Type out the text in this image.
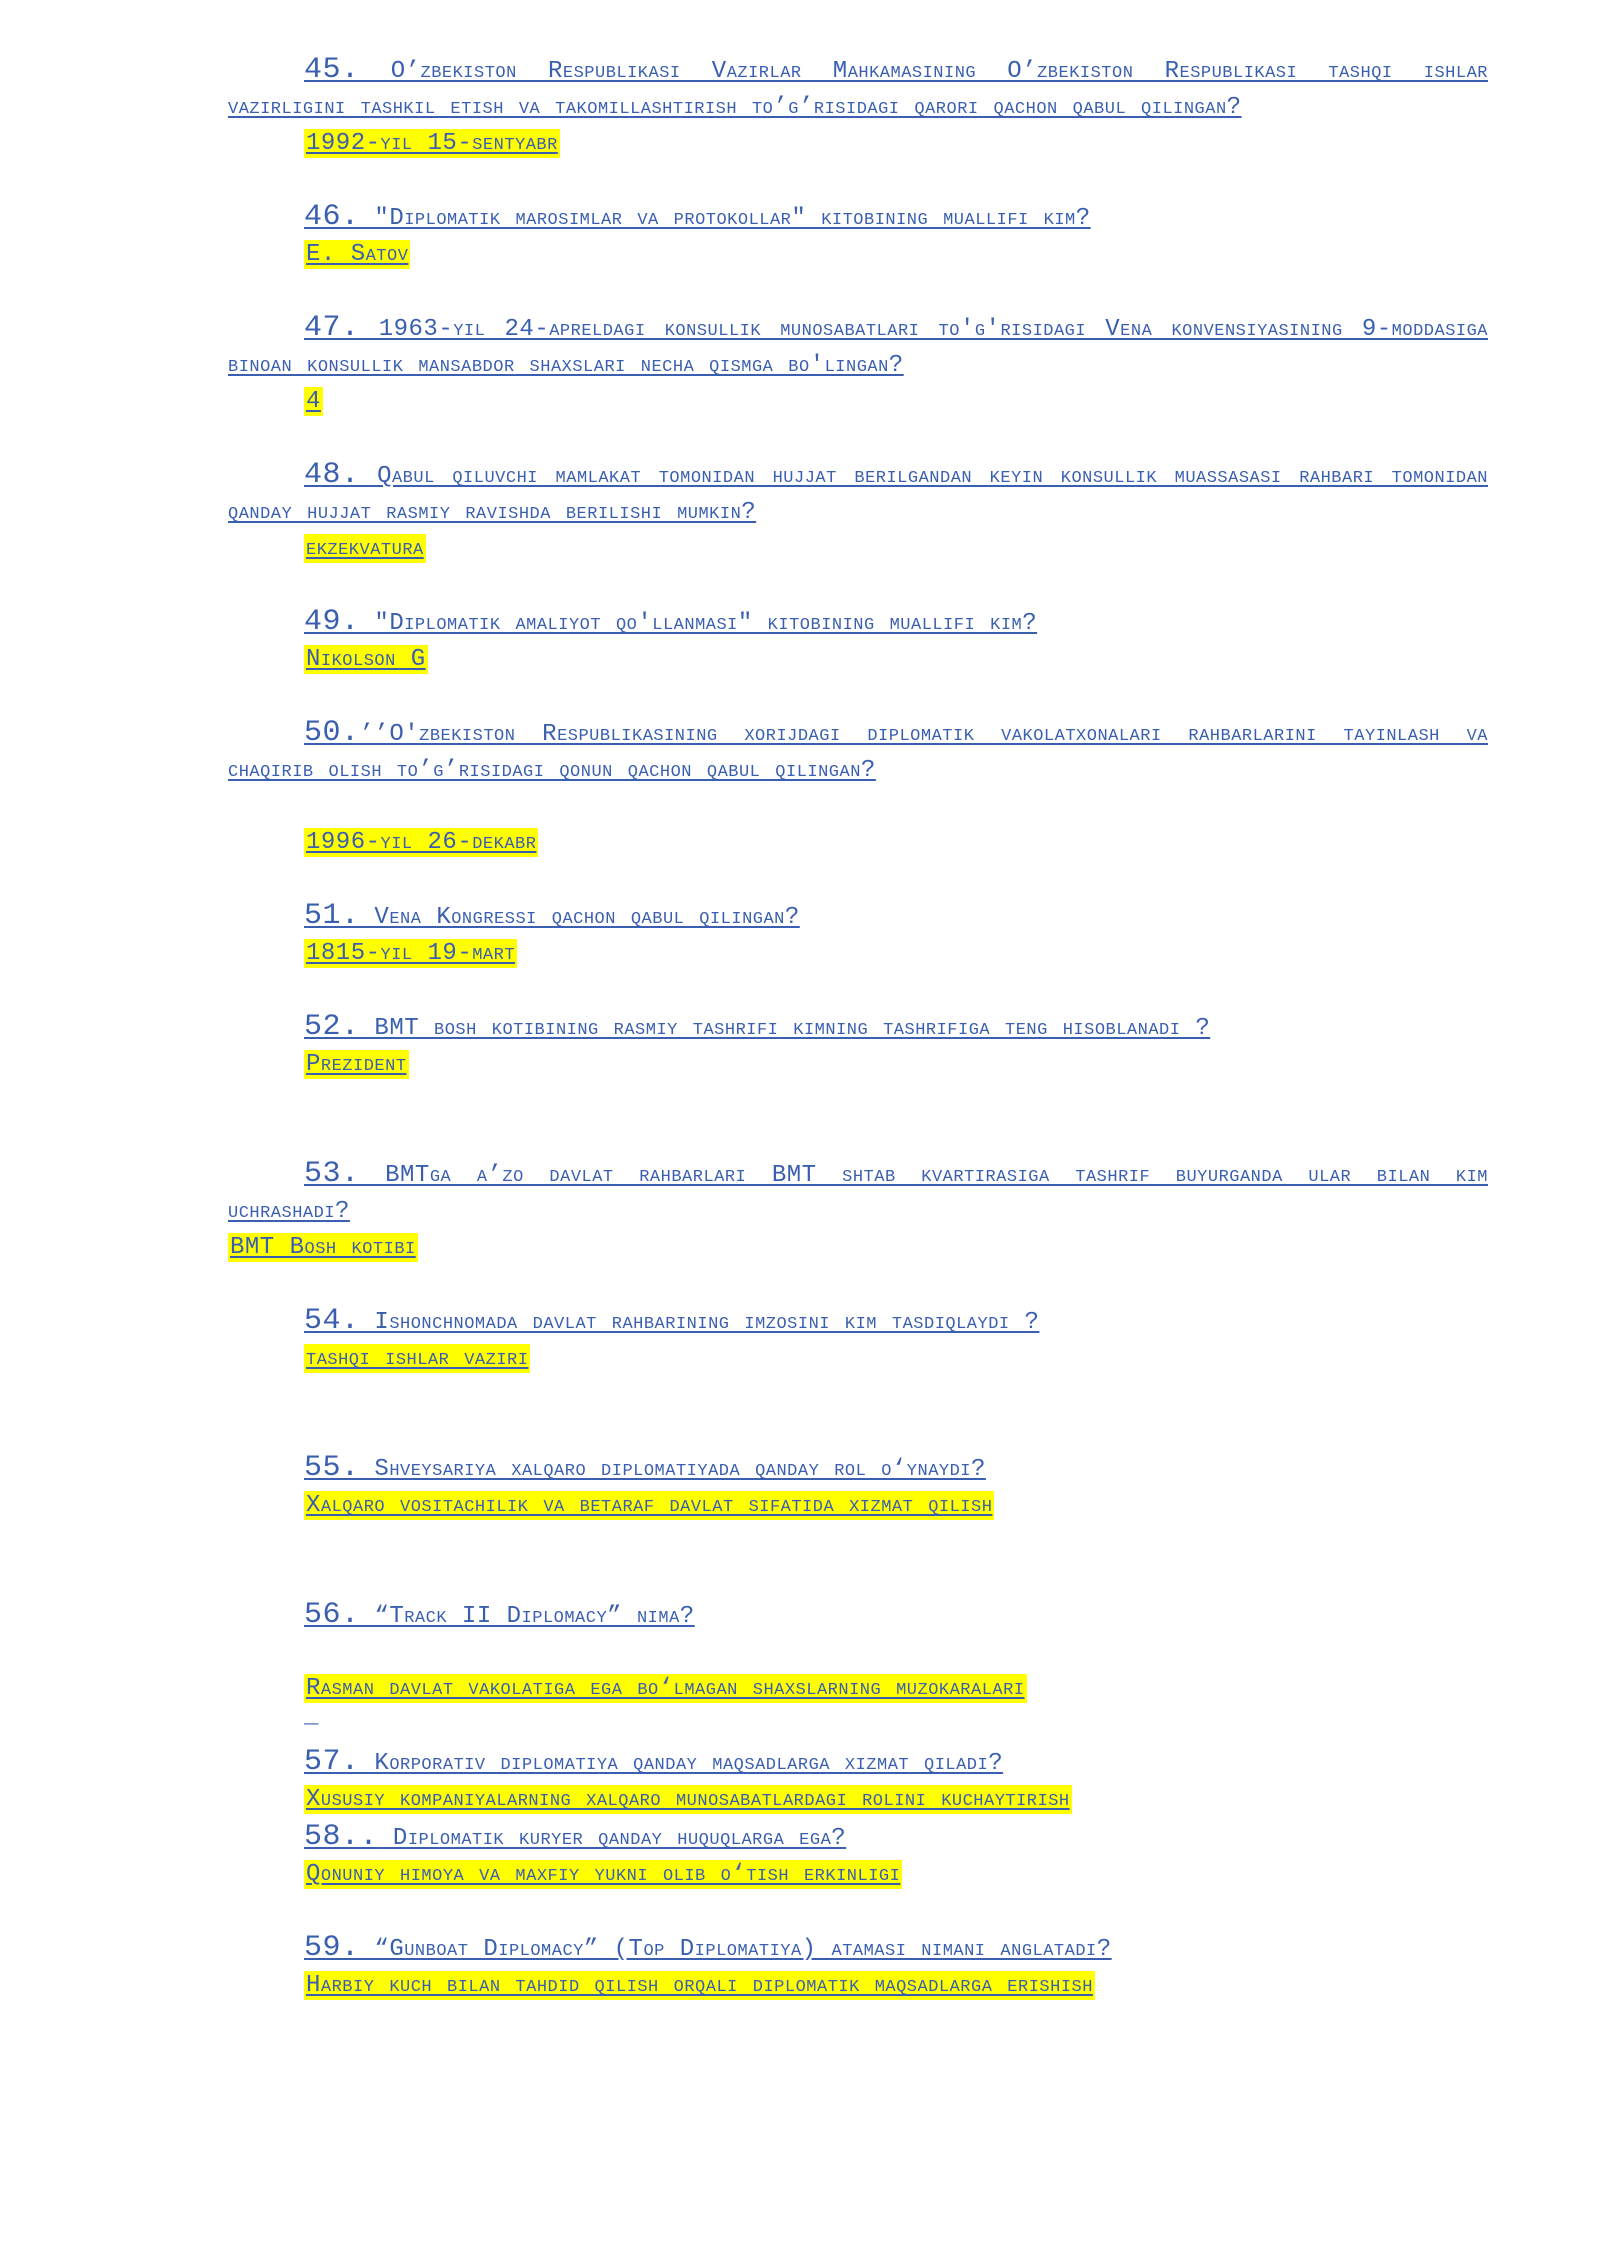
45. O’zbekiston Respublikasi Vazirlar Mahkamasining O’zbekiston Respublikasi tashqi ishlar vazirligini tashkil etish va takomillashtirish to’g’risidagi qarori qachon qabul qilingan?

1992-yil 15-sentyabr

46. "Diplomatik marosimlar va protokollar" kitobining muallifi kim?

E. Satov

47. 1963-yil 24-apreldagi konsullik munosabatlari to'g'risidagi Vena konvensiyasining 9-moddasiga binoan konsullik mansabdor shaxslari necha qismga bo'lingan?

4

48. Qabul qiluvchi mamlakat tomonidan hujjat berilgandan keyin konsullik muassasasi rahbari tomonidan qanday hujjat rasmiy ravishda berilishi mumkin?

ekzekvatura

49. "Diplomatik amaliyot qo'llanmasi" kitobining muallifi kim?

Nikolson G

50.’’O'zbekiston Respublikasining xorijdagi diplomatik vakolatxonalari rahbarlarini tayinlash va chaqirib olish to’g’risidagi qonun qachon qabul qilingan?

1996-yil 26-dekabr

51. Vena Kongressi qachon qabul qilingan?

1815-yil 19-mart

52. BMT bosh kotibining rasmiy tashrifi kimning tashrifiga teng hisoblanadi ?

Prezident

53. BMTga a’zo davlat rahbarlari BMT shtab kvartirasiga tashrif buyurganda ular bilan kim uchrashadi?

BMT Bosh kotibi

54. Ishonchnomada davlat rahbarining imzosini kim tasdiqlaydi ?

tashqi ishlar vaziri

55. Shveysariya xalqaro diplomatiyada qanday rol o‘ynaydi?

Xalqaro vositachilik va betaraf davlat sifatida xizmat qilish

56. “Track II Diplomacy” nima?

Rasman davlat vakolatiga ega bo‘lmagan shaxslarning muzokaralari

_

57. Korporativ diplomatiya qanday maqsadlarga xizmat qiladi?

Xususiy kompaniyalarning xalqaro munosabatlardagi rolini kuchaytirish

58.. Diplomatik kuryer qanday huquqlarga ega?

Qonuniy himoya va maxfiy yukni olib o‘tish erkinligi

59. “Gunboat Diplomacy” (Top Diplomatiya) atamasi nimani anglatadi?

Harbiy kuch bilan tahdid qilish orqali diplomatik maqsadlarga erishish
